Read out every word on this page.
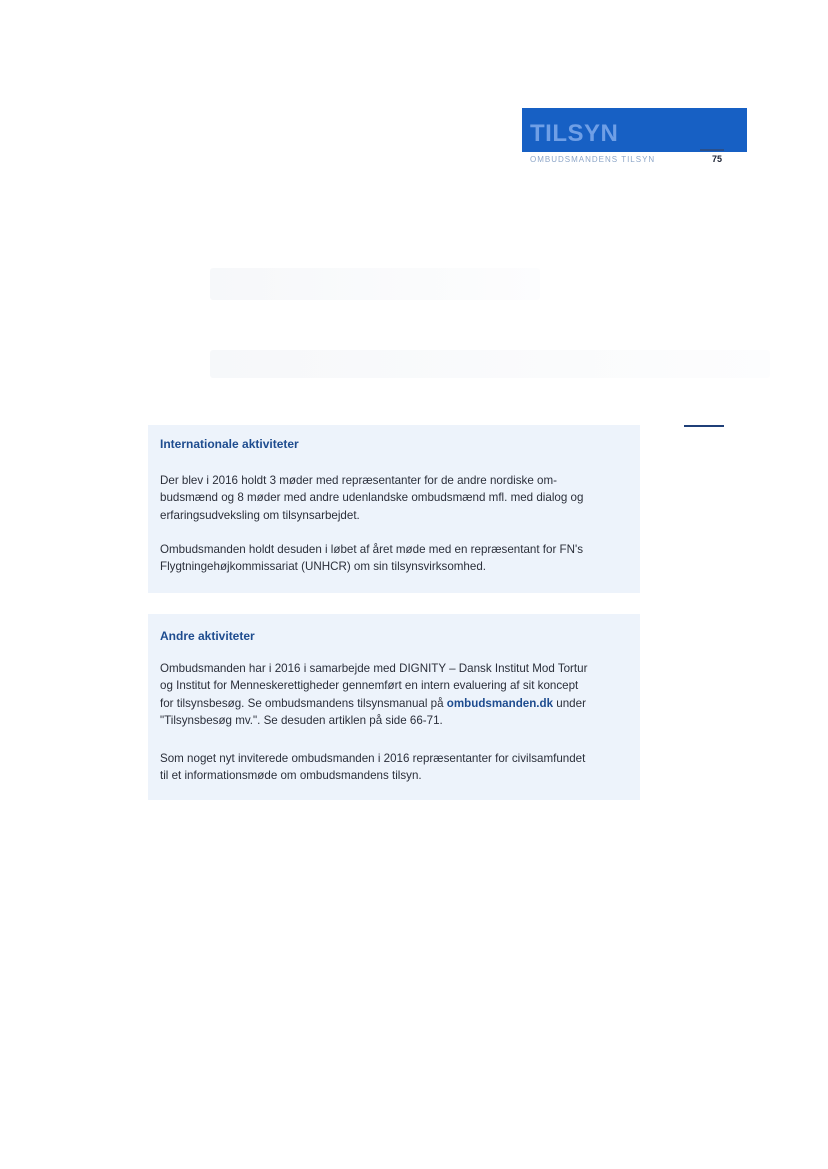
TILSYN
OMBUDSMANDENS TILSYN	75
Internationale aktiviteter

Der blev i 2016 holdt 3 møder med repræsentanter for de andre nordiske om-
budsmænd og 8 møder med andre udenlandske ombudsmænd mfl. med dialog og
erfaringsudveksling om tilsynsarbejdet.

Ombudsmanden holdt desuden i løbet af året møde med en repræsentant for FN's
Flygtningehøjkommissariat (UNHCR) om sin tilsynsvirksomhed.

Andre aktiviteter

Ombudsmanden har i 2016 i samarbejde med DIGNITY – Dansk Institut Mod Tortur
og Institut for Menneskerettigheder gennemført en intern evaluering af sit koncept
for tilsynsbesøg. Se ombudsmandens tilsynsmanual på ombudsmanden.dk under
"Tilsynsbesøg mv.". Se desuden artiklen på side 66-71.

Som noget nyt inviterede ombudsmanden i 2016 repræsentanter for civilsamfundet
til et informationsmøde om ombudsmandens tilsyn.
